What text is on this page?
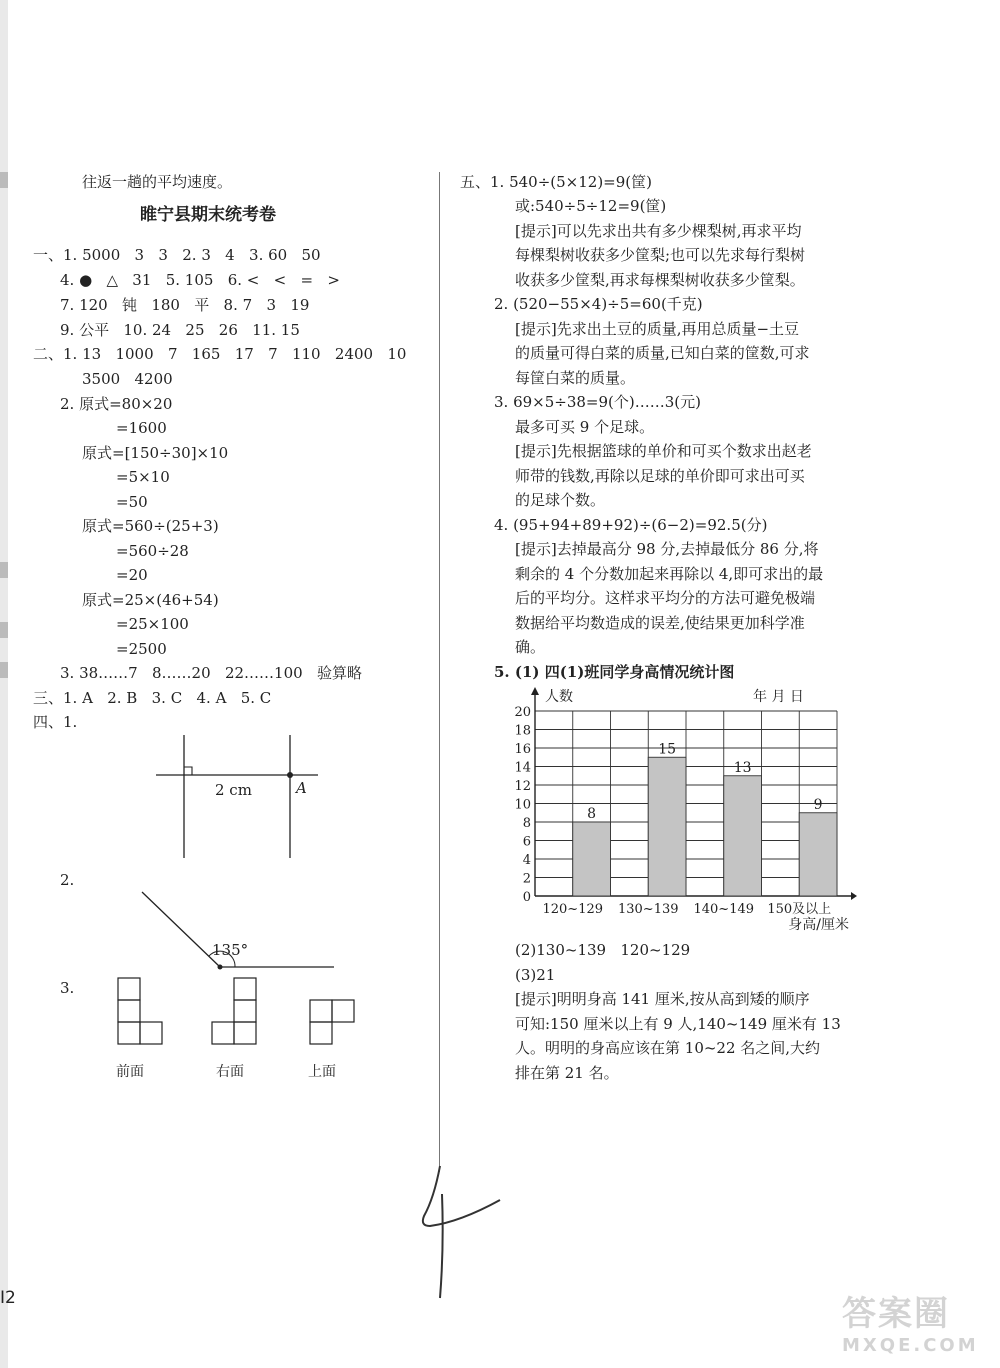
往返一趟的平均速度。
睢宁县期末统考卷
一、1. 5000   3   3   2. 3   4   3. 60   50
4. ●   △   31   5. 105   6. <   <   =   >
7. 120   钝   180   平   8. 7   3   19
9. 公平   10. 24   25   26   11. 15
二、1. 13   1000   7   165   17   7   110   2400   10
3500   4200
2. 原式=80×20
=1600
原式=[150÷30]×10
=5×10
=50
原式=560÷(25+3)
=560÷28
=20
原式=25×(46+54)
=25×100
=2500
3. 38……7   8……20   22……100   验算略
三、1. A   2. B   3. C   4. A   5. C
四、1.
2 cm	A
2.
135°
3.
前面	右面	上面
五、1. 540÷(5×12)=9(筐)
或:540÷5÷12=9(筐)
[提示]可以先求出共有多少棵梨树,再求平均
每棵梨树收获多少筐梨;也可以先求每行梨树
收获多少筐梨,再求每棵梨树收获多少筐梨。
2. (520−55×4)÷5=60(千克)
[提示]先求出土豆的质量,再用总质量−土豆
的质量可得白菜的质量,已知白菜的筐数,可求
每筐白菜的质量。
3. 69×5÷38=9(个)……3(元)
最多可买 9 个足球。
[提示]先根据篮球的单价和可买个数求出赵老
师带的钱数,再除以足球的单价即可求出可买
的足球个数。
4. (95+94+89+92)÷(6−2)=92.5(分)
[提示]去掉最高分 98 分,去掉最低分 86 分,将
剩余的 4 个分数加起来再除以 4,即可求出的最
后的平均分。这样求平均分的方法可避免极端
数据给平均数造成的误差,使结果更加科学准
确。
5. (1) 四(1)班同学身高情况统计图
0
2
4
6
8
10
12
14
16
18
20
8
15
13
9
120~129 130~139 140~149 150及以上
人数	年 月 日
身高/厘米
(2)130~139   120~129
(3)21
[提示]明明身高 141 厘米,按从高到矮的顺序
可知:150 厘米以上有 9 人,140~149 厘米有 13
人。明明的身高应该在第 10~22 名之间,大约
排在第 21 名。
I2	答案圈
MXQE.COM
